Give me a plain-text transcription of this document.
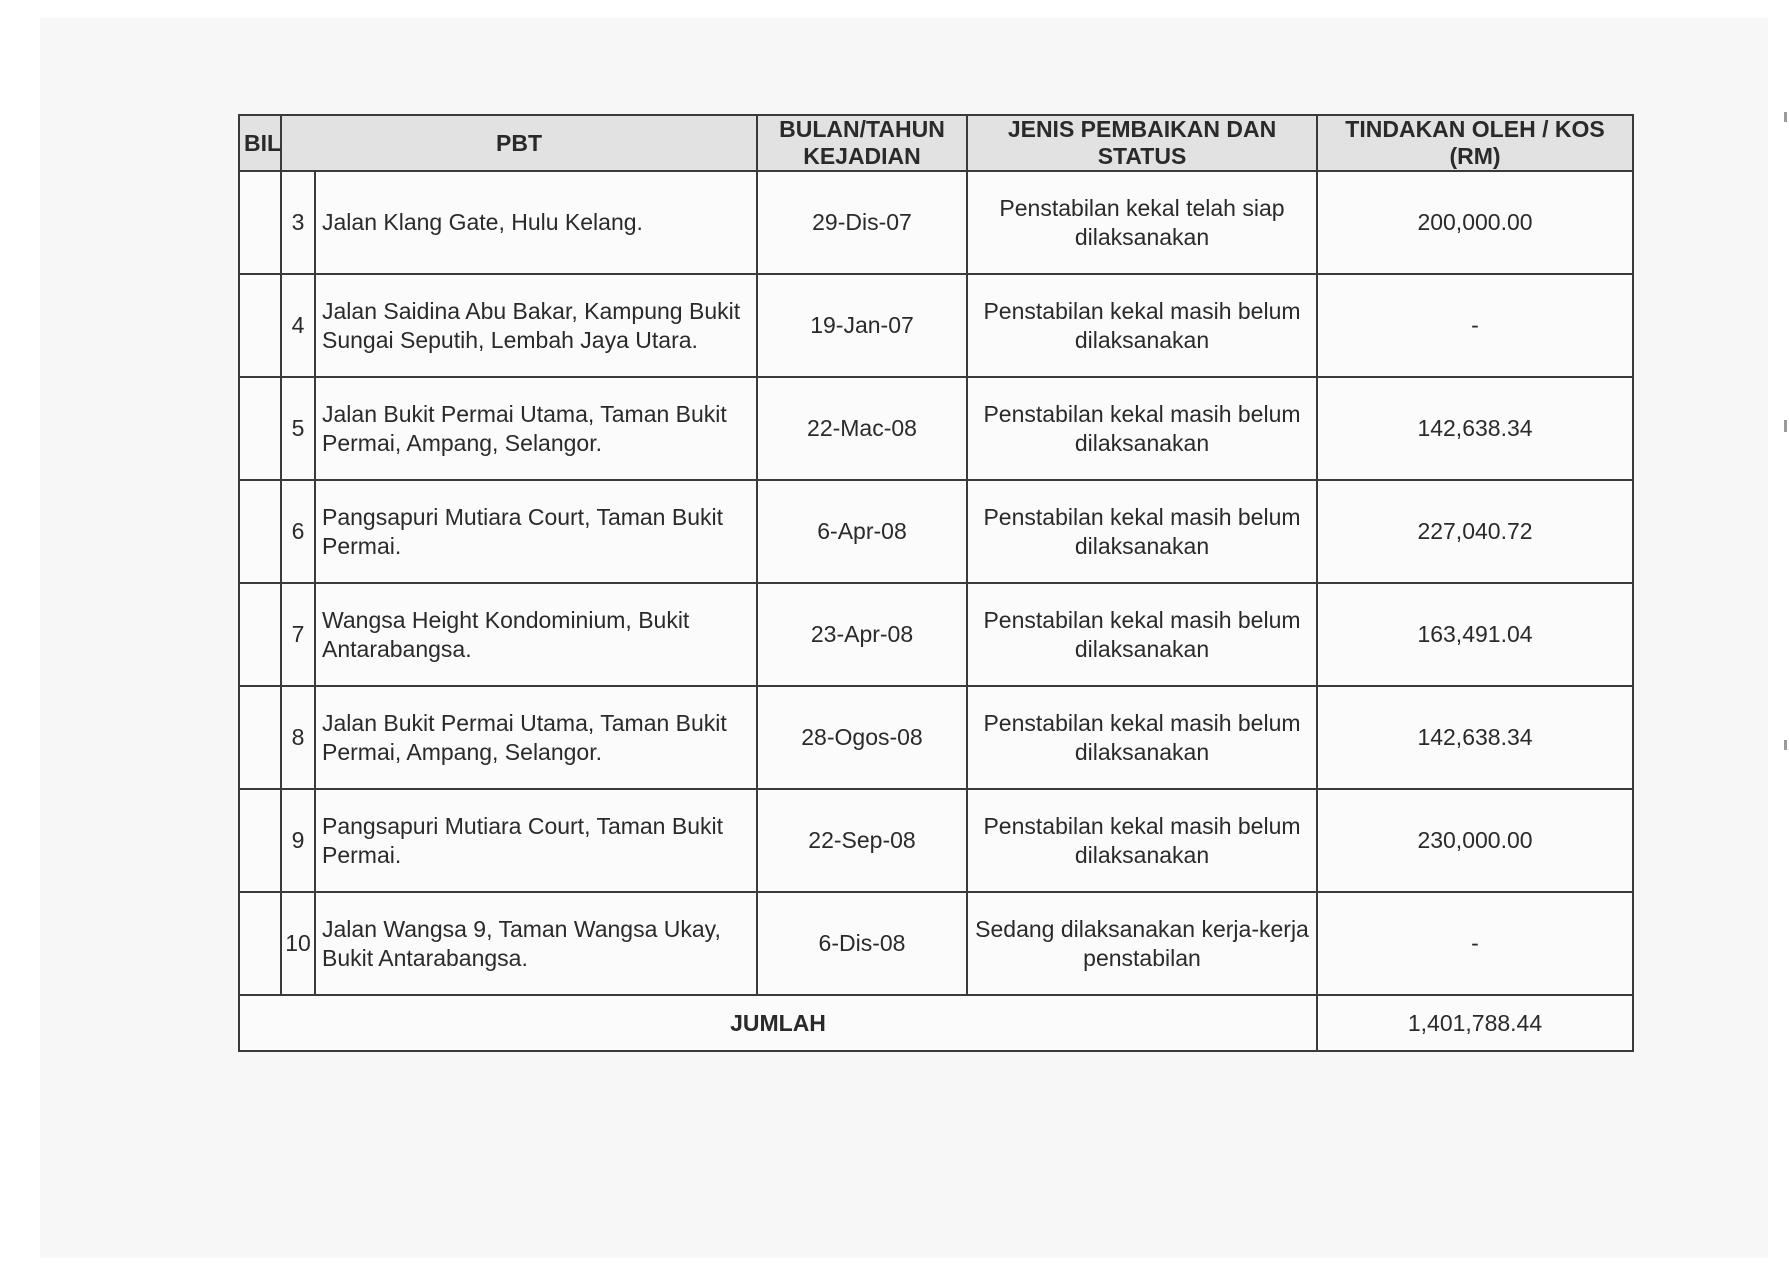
BIL	PBT		BULAN/TAHUN KEJADIAN	JENIS PEMBAIKAN DAN STATUS	TINDAKAN OLEH / KOS (RM)
	3	Jalan Klang Gate, Hulu Kelang.	29-Dis-07	Penstabilan kekal telah siap dilaksanakan	200,000.00
	4	Jalan Saidina Abu Bakar, Kampung Bukit Sungai Seputih, Lembah Jaya Utara.	19-Jan-07	Penstabilan kekal masih belum dilaksanakan	-
	5	Jalan Bukit Permai Utama, Taman Bukit Permai, Ampang, Selangor.	22-Mac-08	Penstabilan kekal masih belum dilaksanakan	142,638.34
	6	Pangsapuri Mutiara Court, Taman Bukit Permai.	6-Apr-08	Penstabilan kekal masih belum dilaksanakan	227,040.72
	7	Wangsa Height Kondominium, Bukit Antarabangsa.	23-Apr-08	Penstabilan kekal masih belum dilaksanakan	163,491.04
	8	Jalan Bukit Permai Utama, Taman Bukit Permai, Ampang, Selangor.	28-Ogos-08	Penstabilan kekal masih belum dilaksanakan	142,638.34
	9	Pangsapuri Mutiara Court, Taman Bukit Permai.	22-Sep-08	Penstabilan kekal masih belum dilaksanakan	230,000.00
	10	Jalan Wangsa 9, Taman Wangsa Ukay, Bukit Antarabangsa.	6-Dis-08	Sedang dilaksanakan kerja-kerja penstabilan	-
JUMLAH					1,401,788.44
